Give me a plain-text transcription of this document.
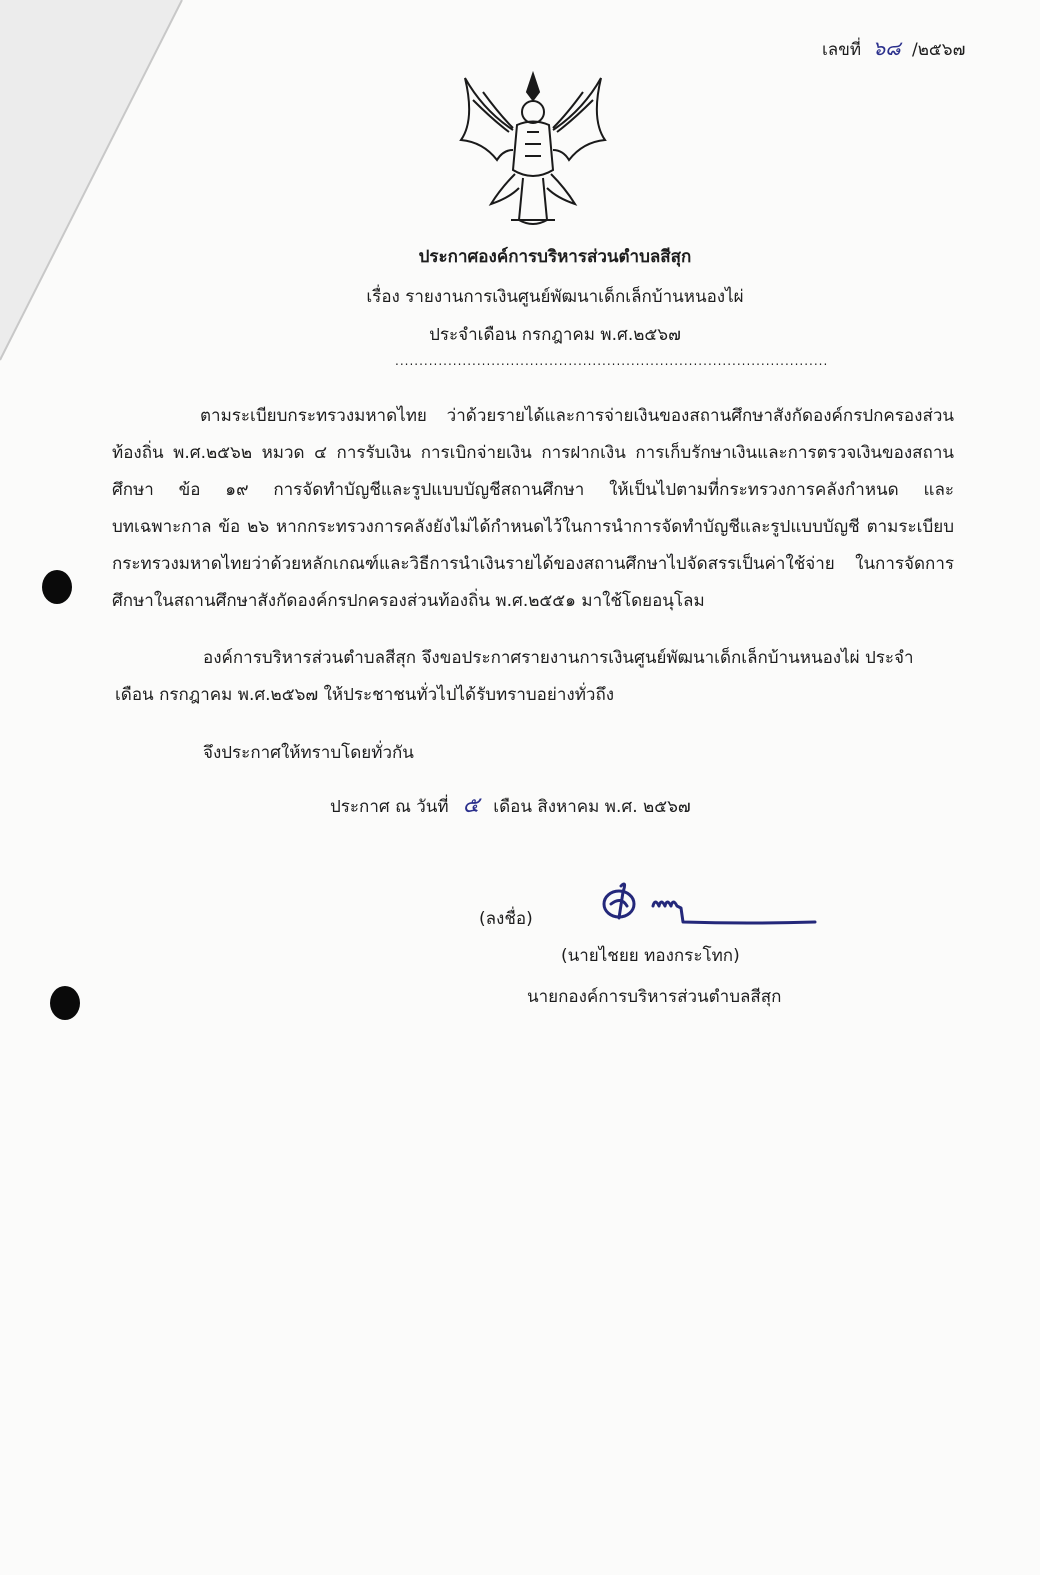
เลขที่ ๖๘ /๒๕๖๗
ประกาศองค์การบริหารส่วนตำบลสีสุก
เรื่อง รายงานการเงินศูนย์พัฒนาเด็กเล็กบ้านหนองไผ่
ประจำเดือน กรกฎาคม พ.ศ.๒๕๖๗
..........................................................................................

ตามระเบียบกระทรวงมหาดไทย ว่าด้วยรายได้และการจ่ายเงินของสถานศึกษาสังกัดองค์กรปกครองส่วนท้องถิ่น พ.ศ.๒๕๖๒ หมวด ๔ การรับเงิน การเบิกจ่ายเงิน การฝากเงิน การเก็บรักษาเงินและการตรวจเงินของสถานศึกษา ข้อ ๑๙ การจัดทำบัญชีและรูปแบบบัญชีสถานศึกษา ให้เป็นไปตามที่กระทรวงการคลังกำหนด และบทเฉพาะกาล ข้อ ๒๖ หากกระทรวงการคลังยังไม่ได้กำหนดไว้ในการนำการจัดทำบัญชีและรูปแบบบัญชี ตามระเบียบกระทรวงมหาดไทยว่าด้วยหลักเกณฑ์และวิธีการนำเงินรายได้ของสถานศึกษาไปจัดสรรเป็นค่าใช้จ่าย ในการจัดการศึกษาในสถานศึกษาสังกัดองค์กรปกครองส่วนท้องถิ่น พ.ศ.๒๕๕๑ มาใช้โดยอนุโลม

องค์การบริหารส่วนตำบลสีสุก จึงขอประกาศรายงานการเงินศูนย์พัฒนาเด็กเล็กบ้านหนองไผ่ ประจำเดือน กรกฎาคม พ.ศ.๒๕๖๗ ให้ประชาชนทั่วไปได้รับทราบอย่างทั่วถึง

จึงประกาศให้ทราบโดยทั่วกัน
ประกาศ ณ วันที่ ๕ เดือน สิงหาคม พ.ศ. ๒๕๖๗
(ลงชื่อ)
(นายไชยย ทองกระโทก)
นายกองค์การบริหารส่วนตำบลสีสุก
